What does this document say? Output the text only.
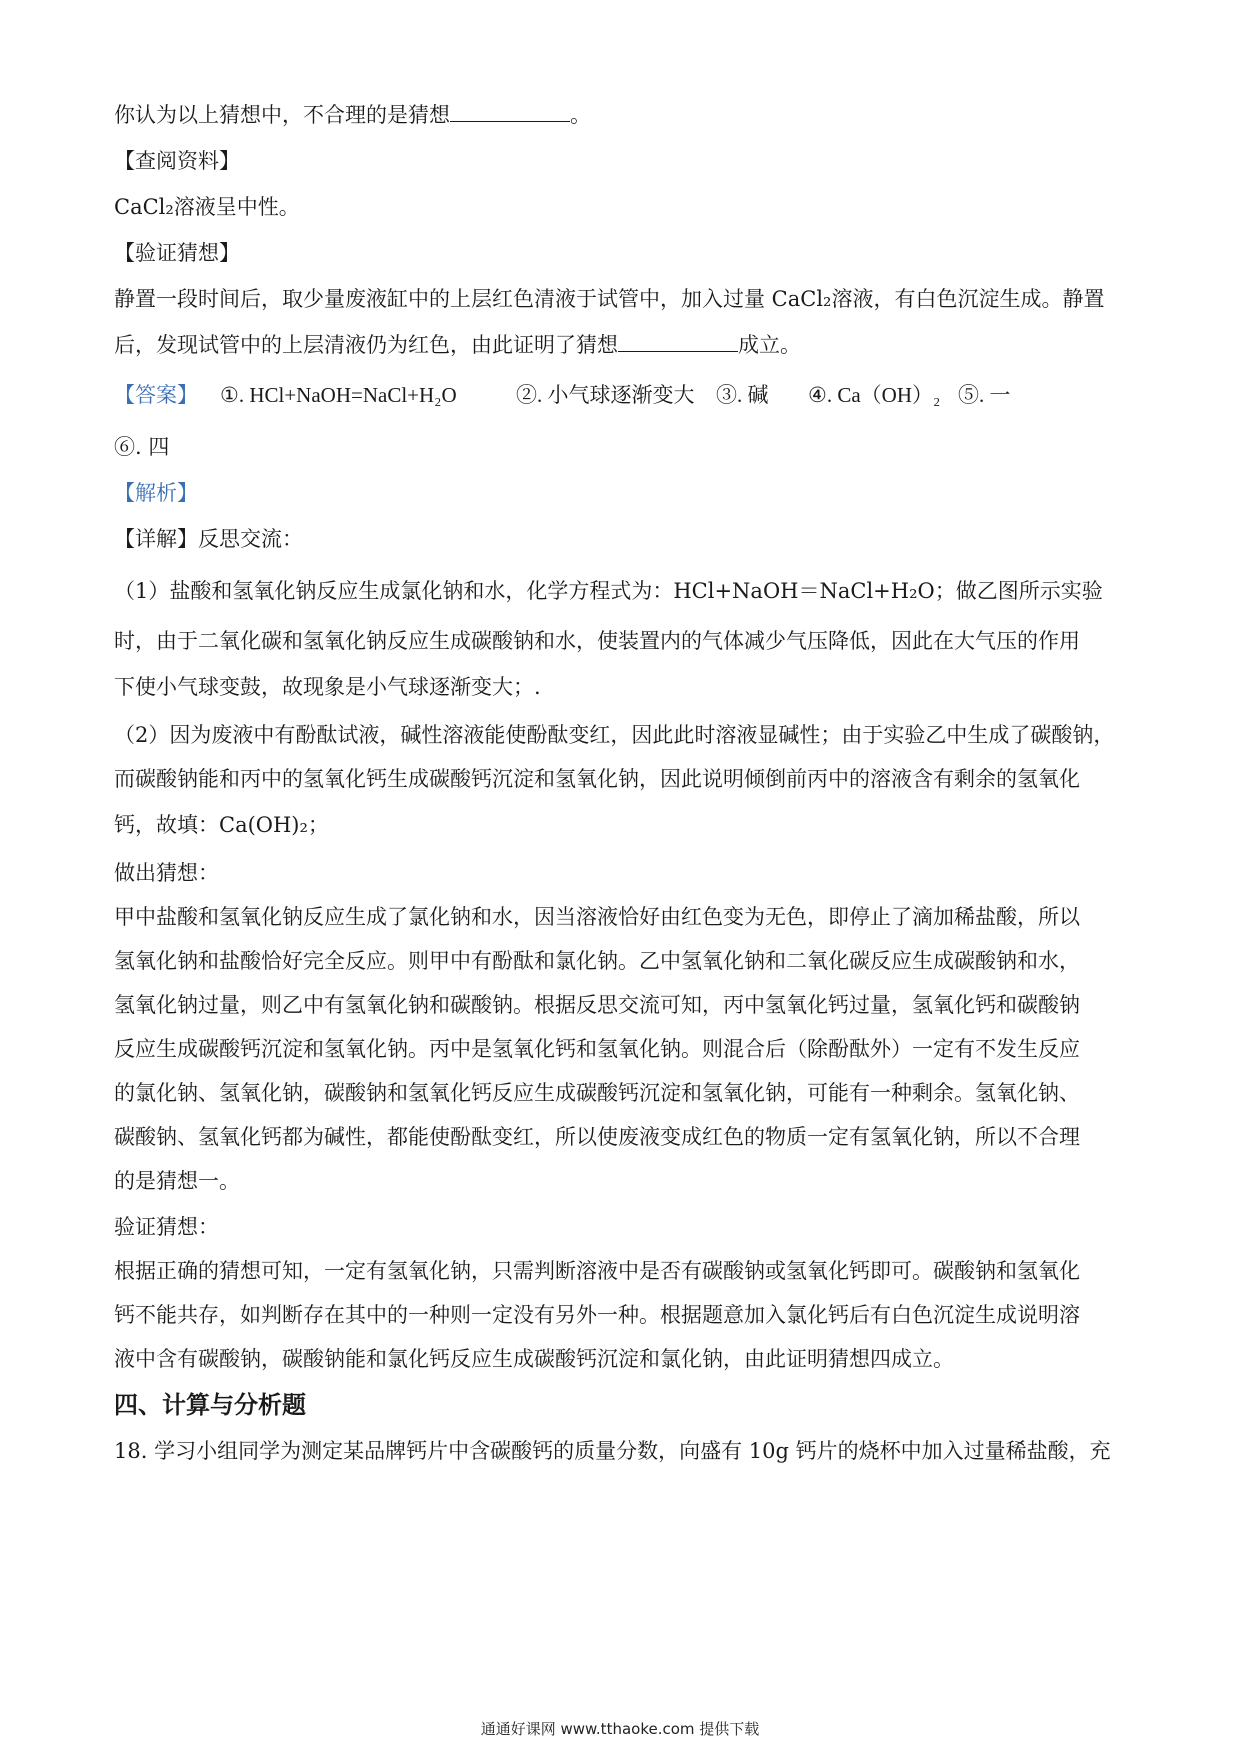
你认为以上猜想中，不合理的是猜想	。

【查阅资料】

CaCl₂溶液呈中性。

【验证猜想】

静置一段时间后，取少量废液缸中的上层红色清液于试管中，加入过量 CaCl₂溶液，有白色沉淀生成。静置

后，发现试管中的上层清液仍为红色，由此证明了猜想	成立。

【答案】	①. HCl+NaOH=NaCl+H₂O	②. 小气球逐渐变大	③. 碱	④. Ca（OH）₂ ⑤. 一

⑥. 四

【解析】

【详解】反思交流：

（1）盐酸和氢氧化钠反应生成氯化钠和水，化学方程式为：HCl+NaOH＝NaCl+H₂O；做乙图所示实验

时，由于二氧化碳和氢氧化钠反应生成碳酸钠和水，使装置内的气体减少气压降低，因此在大气压的作用

下使小气球变鼓，故现象是小气球逐渐变大；.

（2）因为废液中有酚酞试液，碱性溶液能使酚酞变红，因此此时溶液显碱性；由于实验乙中生成了碳酸钠，

而碳酸钠能和丙中的氢氧化钙生成碳酸钙沉淀和氢氧化钠，因此说明倾倒前丙中的溶液含有剩余的氢氧化

钙，故填：Ca(OH)₂；

做出猜想：

甲中盐酸和氢氧化钠反应生成了氯化钠和水，因当溶液恰好由红色变为无色，即停止了滴加稀盐酸，所以

氢氧化钠和盐酸恰好完全反应。则甲中有酚酞和氯化钠。乙中氢氧化钠和二氧化碳反应生成碳酸钠和水，

氢氧化钠过量，则乙中有氢氧化钠和碳酸钠。根据反思交流可知，丙中氢氧化钙过量，氢氧化钙和碳酸钠

反应生成碳酸钙沉淀和氢氧化钠。丙中是氢氧化钙和氢氧化钠。则混合后（除酚酞外）一定有不发生反应

的氯化钠、氢氧化钠，碳酸钠和氢氧化钙反应生成碳酸钙沉淀和氢氧化钠，可能有一种剩余。氢氧化钠、

碳酸钠、氢氧化钙都为碱性，都能使酚酞变红，所以使废液变成红色的物质一定有氢氧化钠，所以不合理

的是猜想一。

验证猜想：

根据正确的猜想可知，一定有氢氧化钠，只需判断溶液中是否有碳酸钠或氢氧化钙即可。碳酸钠和氢氧化

钙不能共存，如判断存在其中的一种则一定没有另外一种。根据题意加入氯化钙后有白色沉淀生成说明溶

液中含有碳酸钠，碳酸钠能和氯化钙反应生成碳酸钙沉淀和氯化钠，由此证明猜想四成立。

四、计算与分析题

18. 学习小组同学为测定某品牌钙片中含碳酸钙的质量分数，向盛有 10g 钙片的烧杯中加入过量稀盐酸，充

通通好课网 www.tthaoke.com 提供下载
